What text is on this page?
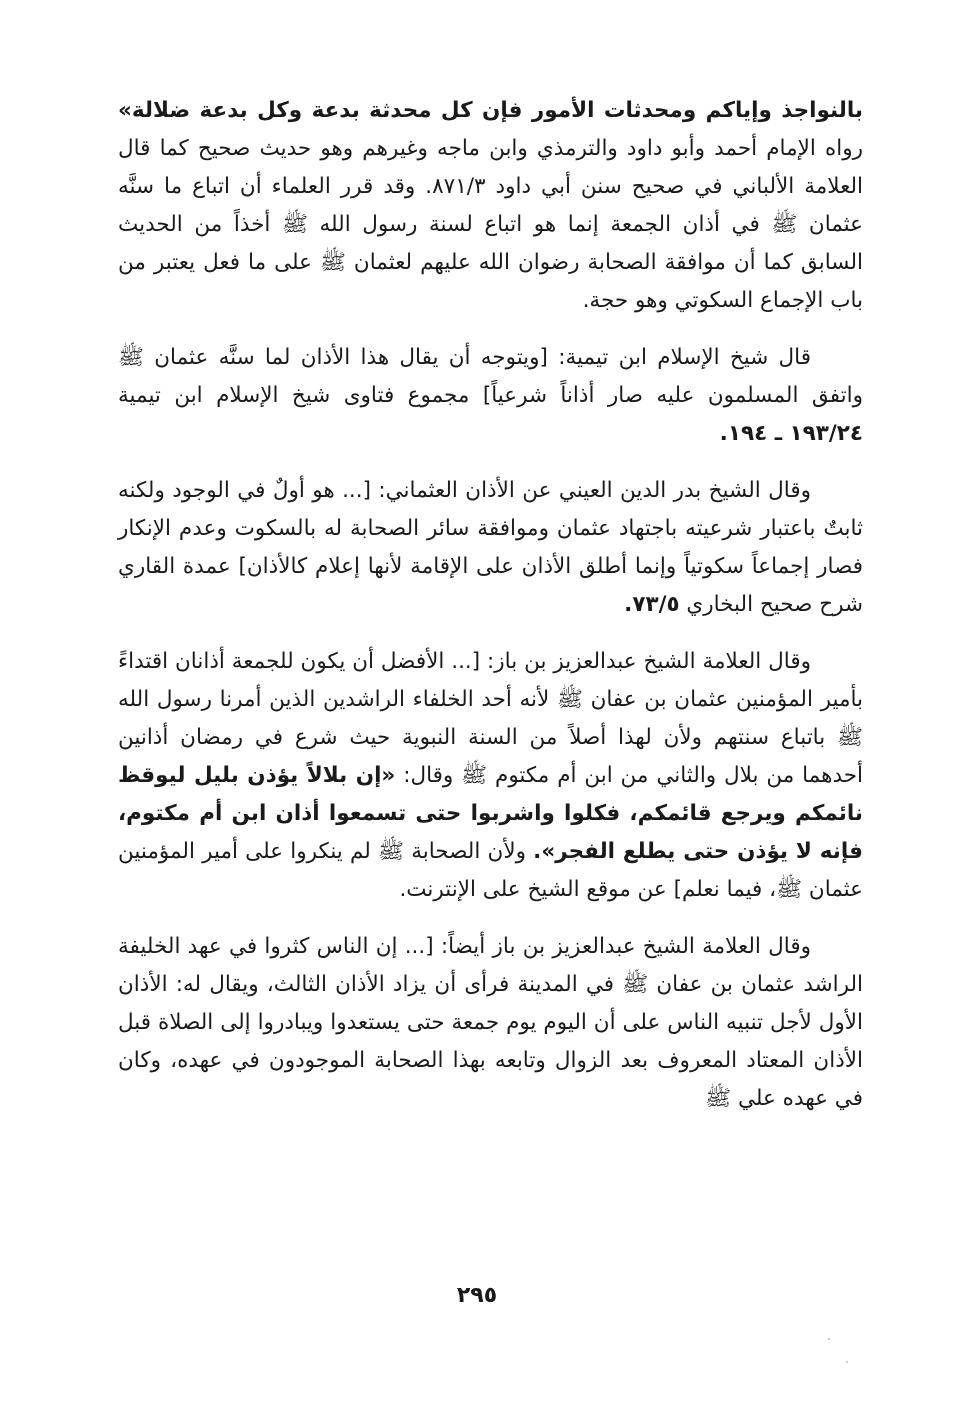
بالنواجذ وإياكم ومحدثات الأمور فإن كل محدثة بدعة وكل بدعة ضلالة» رواه الإمام أحمد وأبو داود والترمذي وابن ماجه وغيرهم وهو حديث صحيح كما قال العلامة الألباني في صحيح سنن أبي داود ٨٧١/٣. وقد قرر العلماء أن اتباع ما سنَّه عثمان ﷺ في أذان الجمعة إنما هو اتباع لسنة رسول الله ﷺ أخذاً من الحديث السابق كما أن موافقة الصحابة رضوان الله عليهم لعثمان ﷺ على ما فعل يعتبر من باب الإجماع السكوتي وهو حجة.

قال شيخ الإسلام ابن تيمية: [ويتوجه أن يقال هذا الأذان لما سنَّه عثمان ﷺ واتفق المسلمون عليه صار أذاناً شرعياً] مجموع فتاوى شيخ الإسلام ابن تيمية ١٩٣/٢٤ ـ ١٩٤.

وقال الشيخ بدر الدين العيني عن الأذان العثماني: [... هو أولٌ في الوجود ولكنه ثابتٌ باعتبار شرعيته باجتهاد عثمان وموافقة سائر الصحابة له بالسكوت وعدم الإنكار فصار إجماعاً سكوتياً وإنما أطلق الأذان على الإقامة لأنها إعلام كالأذان] عمدة القاري شرح صحيح البخاري ٧٣/٥.

وقال العلامة الشيخ عبدالعزيز بن باز: [... الأفضل أن يكون للجمعة أذانان اقتداءً بأمير المؤمنين عثمان بن عفان ﷺ لأنه أحد الخلفاء الراشدين الذين أمرنا رسول الله ﷺ باتباع سنتهم ولأن لهذا أصلاً من السنة النبوية حيث شرع في رمضان أذانين أحدهما من بلال والثاني من ابن أم مكتوم ﷺ وقال: «إن بلالاً يؤذن بليل ليوقظ نائمكم ويرجع قائمكم، فكلوا واشربوا حتى تسمعوا أذان ابن أم مكتوم، فإنه لا يؤذن حتى يطلع الفجر». ولأن الصحابة ﷺ لم ينكروا على أمير المؤمنين عثمان ﷺ، فيما نعلم] عن موقع الشيخ على الإنترنت.

وقال العلامة الشيخ عبدالعزيز بن باز أيضاً: [... إن الناس كثروا في عهد الخليفة الراشد عثمان بن عفان ﷺ في المدينة فرأى أن يزاد الأذان الثالث، ويقال له: الأذان الأول لأجل تنبيه الناس على أن اليوم يوم جمعة حتى يستعدوا ويبادروا إلى الصلاة قبل الأذان المعتاد المعروف بعد الزوال وتابعه بهذا الصحابة الموجودون في عهده، وكان في عهده علي ﷺ

٢٩٥
